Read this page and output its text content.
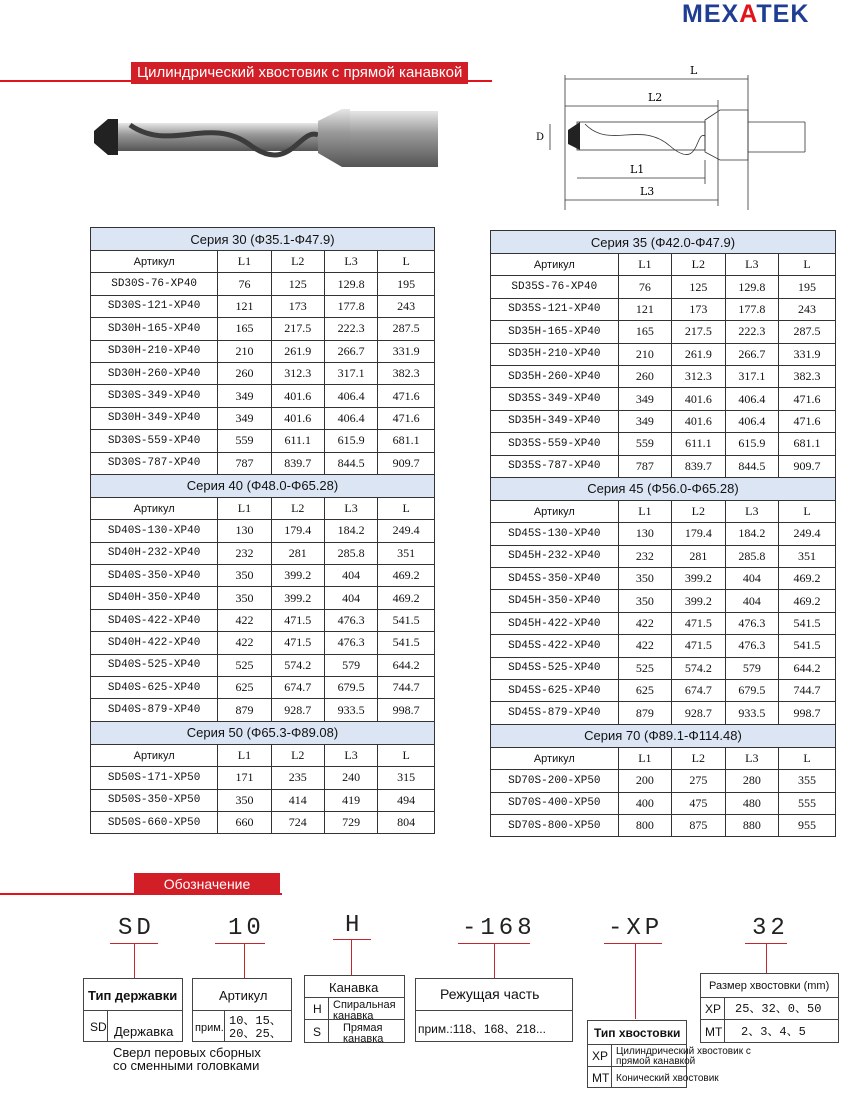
MEXATEK
Цилиндрический хвостовик с прямой канавкой	L
L2
L1
L3
D
Серия 30 (Φ35.1-Φ47.9)				
Артикул	L1	L2	L3	L
SD30S-76-XP40	76	125	129.8	195
SD30S-121-XP40	121	173	177.8	243
SD30H-165-XP40	165	217.5	222.3	287.5
SD30H-210-XP40	210	261.9	266.7	331.9
SD30H-260-XP40	260	312.3	317.1	382.3
SD30S-349-XP40	349	401.6	406.4	471.6
SD30H-349-XP40	349	401.6	406.4	471.6
SD30S-559-XP40	559	611.1	615.9	681.1
SD30S-787-XP40	787	839.7	844.5	909.7
Серия 40 (Φ48.0-Φ65.28)				
Артикул	L1	L2	L3	L
SD40S-130-XP40	130	179.4	184.2	249.4
SD40H-232-XP40	232	281	285.8	351
SD40S-350-XP40	350	399.2	404	469.2
SD40H-350-XP40	350	399.2	404	469.2
SD40S-422-XP40	422	471.5	476.3	541.5
SD40H-422-XP40	422	471.5	476.3	541.5
SD40S-525-XP40	525	574.2	579	644.2
SD40S-625-XP40	625	674.7	679.5	744.7
SD40S-879-XP40	879	928.7	933.5	998.7
Серия 50 (Φ65.3-Φ89.08)				
Артикул	L1	L2	L3	L
SD50S-171-XP50	171	235	240	315
SD50S-350-XP50	350	414	419	494
SD50S-660-XP50	660	724	729	804
Серия 35 (Φ42.0-Φ47.9)				
Артикул	L1	L2	L3	L
SD35S-76-XP40	76	125	129.8	195
SD35S-121-XP40	121	173	177.8	243
SD35H-165-XP40	165	217.5	222.3	287.5
SD35H-210-XP40	210	261.9	266.7	331.9
SD35H-260-XP40	260	312.3	317.1	382.3
SD35S-349-XP40	349	401.6	406.4	471.6
SD35H-349-XP40	349	401.6	406.4	471.6
SD35S-559-XP40	559	611.1	615.9	681.1
SD35S-787-XP40	787	839.7	844.5	909.7
Серия 45 (Φ56.0-Φ65.28)				
Артикул	L1	L2	L3	L
SD45S-130-XP40	130	179.4	184.2	249.4
SD45H-232-XP40	232	281	285.8	351
SD45S-350-XP40	350	399.2	404	469.2
SD45H-350-XP40	350	399.2	404	469.2
SD45H-422-XP40	422	471.5	476.3	541.5
SD45S-422-XP40	422	471.5	476.3	541.5
SD45S-525-XP40	525	574.2	579	644.2
SD45S-625-XP40	625	674.7	679.5	744.7
SD45S-879-XP40	879	928.7	933.5	998.7
Серия 70 (Φ89.1-Φ114.48)				
Артикул	L1	L2	L3	L
SD70S-200-XP50	200	275	280	355
SD70S-400-XP50	400	475	480	555
SD70S-800-XP50	800	875	880	955
Обозначение
SD	10	H	-168	-XP	32
Тип державки
SD Державка
Сверл перовых сборных со сменными головками
Артикул
прим. 10、15、 20、25、
Канавка
H Спиральная канавка
S Прямая канавка
Режущая часть
прим.:118、168、218...	Тип хвостовки
XP Цилиндрический хвостовик с прямой канавкой
MT Конический хвостовик
Размер хвостовки (mm)
XP 25、32、0、50
MT 2、3、4、5
